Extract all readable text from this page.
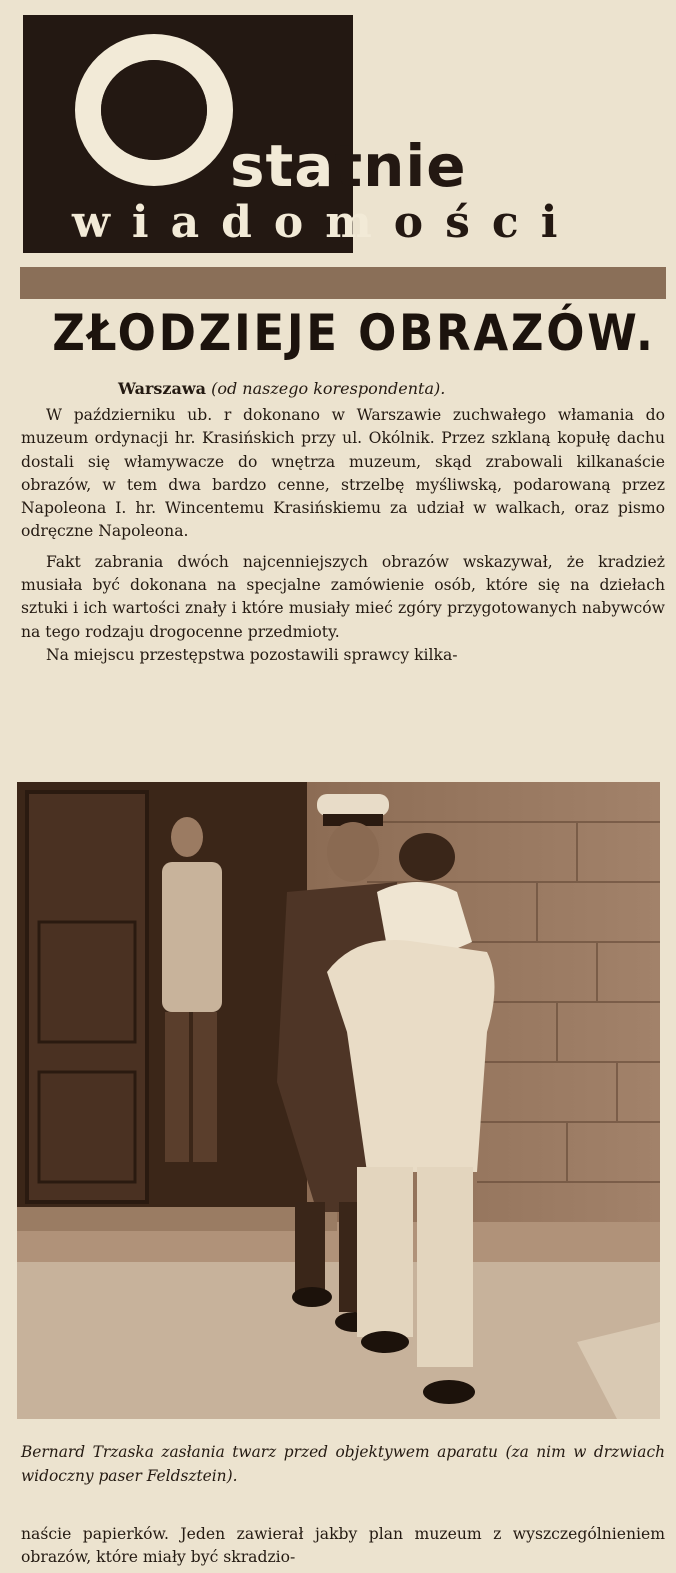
statnie
wiadomości
ZŁODZIEJE OBRAZÓW.
Warszawa (od naszego korespondenta).

W październiku ub. r dokonano w Warszawie zuchwałego włamania do muzeum ordynacji hr. Krasińskich przy ul. Okólnik. Przez szklaną kopułę dachu dostali się włamywacze do wnętrza muzeum, skąd zrabowali kilkanaście obrazów, w tem dwa bardzo cenne, strzelbę myśliwską, podarowaną przez Napoleona I. hr. Wincentemu Krasińskiemu za udział w walkach, oraz pismo odręczne Napoleona.

Fakt zabrania dwóch najcenniejszych obrazów wskazywał, że kradzież musiała być dokonana na specjalne zamówienie osób, które się na dziełach sztuki i ich wartości znały i które musiały mieć zgóry przygotowanych nabywców na tego rodzaju drogocenne przedmioty.

Na miejscu przestępstwa pozostawili sprawcy kilka-

Bernard Trzaska zasłania twarz przed objektywem aparatu (za nim w drzwiach widoczny paser Feldsztein).

naście papierków. Jeden zawierał jakby plan muzeum z wyszczególnieniem obrazów, które miały być skradzio-
